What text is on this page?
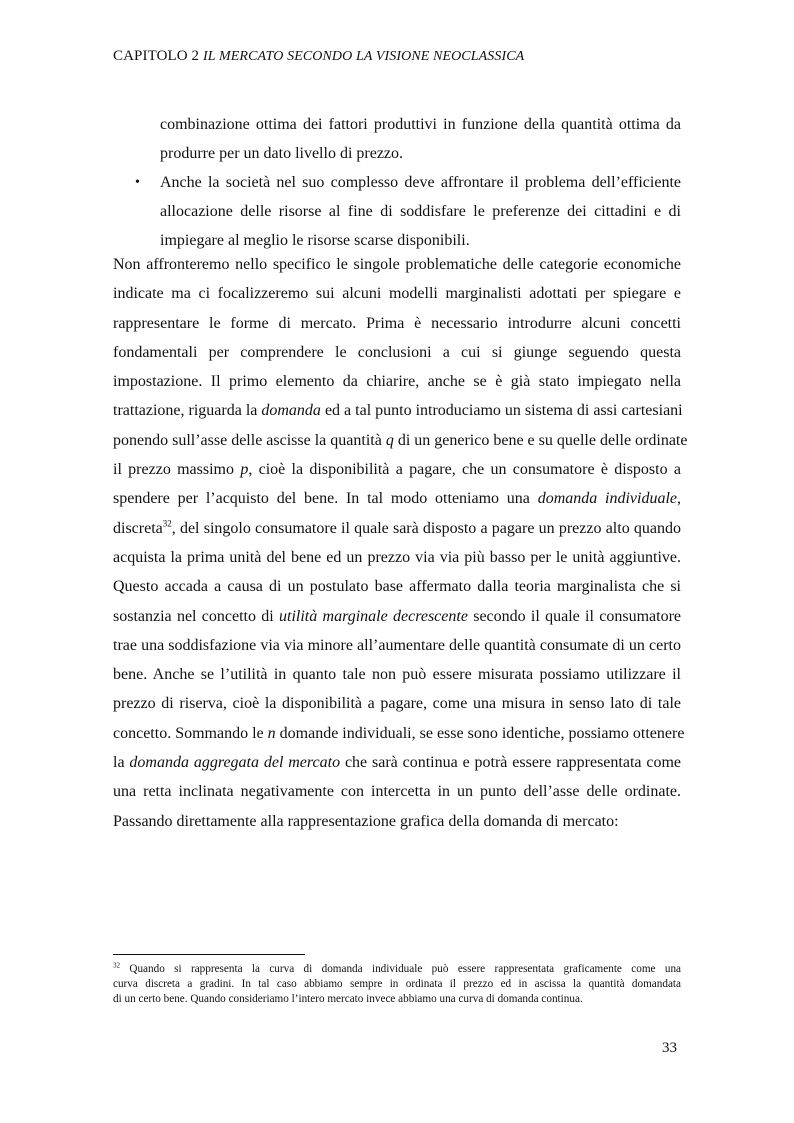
CAPITOLO 2 IL MERCATO SECONDO LA VISIONE NEOCLASSICA
combinazione ottima dei fattori produttivi in funzione della quantità ottima da
produrre per un dato livello di prezzo.
• Anche la società nel suo complesso deve affrontare il problema dell’efficiente
allocazione delle risorse al fine di soddisfare le preferenze dei cittadini e di
impiegare al meglio le risorse scarse disponibili.
Non affronteremo nello specifico le singole problematiche delle categorie economiche
indicate ma ci focalizzeremo sui alcuni modelli marginalisti adottati per spiegare e
rappresentare le forme di mercato. Prima è necessario introdurre alcuni concetti
fondamentali per comprendere le conclusioni a cui si giunge seguendo questa
impostazione. Il primo elemento da chiarire, anche se è già stato impiegato nella
trattazione, riguarda la domanda ed a tal punto introduciamo un sistema di assi cartesiani
ponendo sull’asse delle ascisse la quantità q di un generico bene e su quelle delle ordinate
il prezzo massimo p, cioè la disponibilità a pagare, che un consumatore è disposto a
spendere per l’acquisto del bene. In tal modo otteniamo una domanda individuale,
discreta$^{32}$, del singolo consumatore il quale sarà disposto a pagare un prezzo alto quando
acquista la prima unità del bene ed un prezzo via via più basso per le unità aggiuntive.
Questo accada a causa di un postulato base affermato dalla teoria marginalista che si
sostanzia nel concetto di utilità marginale decrescente secondo il quale il consumatore
trae una soddisfazione via via minore all’aumentare delle quantità consumate di un certo
bene. Anche se l’utilità in quanto tale non può essere misurata possiamo utilizzare il
prezzo di riserva, cioè la disponibilità a pagare, come una misura in senso lato di tale
concetto. Sommando le n domande individuali, se esse sono identiche, possiamo ottenere
la domanda aggregata del mercato che sarà continua e potrà essere rappresentata come
una retta inclinata negativamente con intercetta in un punto dell’asse delle ordinate.
Passando direttamente alla rappresentazione grafica della domanda di mercato:
$^{32}$ Quando si rappresenta la curva di domanda individuale può essere rappresentata graficamente come una
curva discreta a gradini. In tal caso abbiamo sempre in ordinata il prezzo ed in ascissa la quantità domandata
di un certo bene. Quando consideriamo l’intero mercato invece abbiamo una curva di domanda continua.
33
